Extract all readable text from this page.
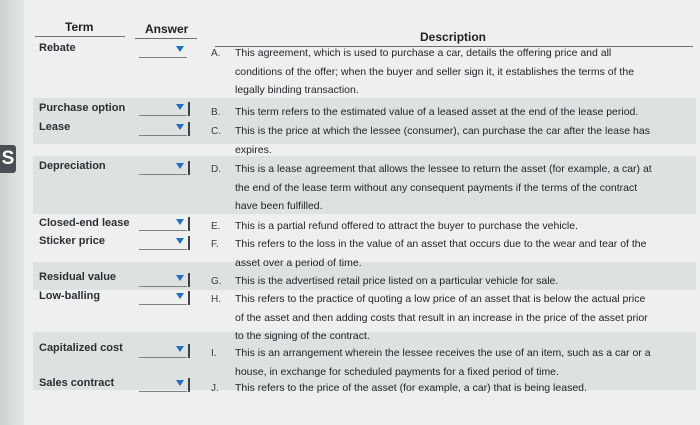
S
Term	Answer
Description
Rebate
Purchase option
Lease
Depreciation
Closed-end lease
Sticker price
Residual value
Low-balling
Capitalized cost
Sales contract
A.
B.
C.
D.
E.
F.
G.
H.
I.
J.
This agreement, which is used to purchase a car, details the offering price and all conditions of the offer; when the buyer and seller sign it, it establishes the terms of the legally binding transaction.
This term refers to the estimated value of a leased asset at the end of the lease period.
This is the price at which the lessee (consumer), can purchase the car after the lease has expires.
This is a lease agreement that allows the lessee to return the asset (for example, a car) at the end of the lease term without any consequent payments if the terms of the contract have been fulfilled.
This is a partial refund offered to attract the buyer to purchase the vehicle.
This refers to the loss in the value of an asset that occurs due to the wear and tear of the asset over a period of time.
This is the advertised retail price listed on a particular vehicle for sale.
This refers to the practice of quoting a low price of an asset that is below the actual price of the asset and then adding costs that result in an increase in the price of the asset prior to the signing of the contract.
This is an arrangement wherein the lessee receives the use of an item, such as a car or a house, in exchange for scheduled payments for a fixed period of time.
This refers to the price of the asset (for example, a car) that is being leased.
